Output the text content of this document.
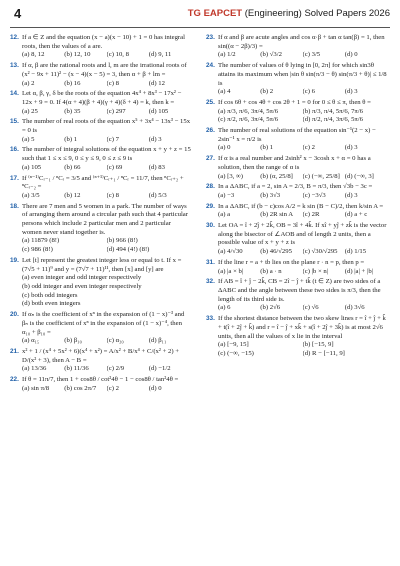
4	TG EAPCET (Engineering) Solved Papers 2026
12. If a ∈ Z and the equation (x − a)(x − 10) + 1 = 0 has integral roots, then the values of a are.
(a) 8, 12	(b) 12, 10	(c) 10, 8	(d) 9, 11
13. If α, β are the rational roots and l, m are the irrational roots of (x² − 9x + 11)² − (x − 4)(x − 5) = 3, then α + β + lm =
(a) 2	(b) 16	(c) 8	(d) 12
14. Let α, β, γ, δ be the roots of the equation 4x⁴ + 8x³ − 17x² − 12x + 9 = 0. If 4(α + 4)(β + 4)(γ + 4)(δ + 4) = k, then k =
(a) 25	(b) 35	(c) 297	(d) 105
15. The number of real roots of the equation x⁵ + 3x⁴ − 13x³ − 15x = 0 is
(a) 5	(b) 1	(c) 7	(d) 3
16. The number of integral solutions of the equation x + y + z = 15 such that 1 ≤ x ≤ 9, 0 ≤ y ≤ 9, 0 ≤ z ≤ 9 is
(a) 105	(b) 66	(c) 69	(d) 83
17. If ⁽ⁿ⁻¹⁾Cᵣ₋₁ / ⁿCᵣ = 3/5 and ⁽ⁿ⁺¹⁾Cᵣ₊₁ / ⁿCᵣ = 11/7, then ⁿCᵣ₊₂ + ⁿCᵣ₋₂ =
(a) 3/5	(b) 12	(c) 8	(d) 5/3
18. There are 7 men and 5 women in a park. The number of ways of arranging them around a circular path such that 4 particular persons which include 2 particular men and 2 particular women never stand together is.
(a) 11879 (8!)	(b) 966 (8!)
(c) 986 (8!)	(d) 494 (4!) (8!)
19. Let [t] represent the greatest integer less or equal to t. If x = (7√5 + 11)⁹ and y = (7√7 + 11)¹¹, then [x] and [y] are
(a) even integer and odd integer respectively
(b) odd integer and even integer respectively
(c) both odd integers
(d) both even integers
20. If αₙ is the coefficient of xⁿ in the expansion of (1 − x)⁻³ and βₙ is the coefficient of xⁿ in the expansion of (1 − x)⁻⁴, then α₁₀ + β₁₀ =
(a) α₁₅	(b) β₁₀	(c) α₂₀	(d) β₁₁
21. x² + 1 / (x⁴ + 5x² + 6)(x⁴ + x²) = A/x² + B/x⁴ + C/(x² + 2) + D/(x² + 3), then A − B =
(a) 13/36	(b) 11/36	(c) 2/9	(d) −1/2
22. If θ = 11π/7, then 1 + cos8θ / cot²4θ − 1 − cos8θ / tan²4θ =
(a) sin π/8	(b) cos 2π/7	(c) 2	(d) 0
23. If α and β are acute angles and cos α·β + tan α tan(β) = 1, then sin((α − 2β)/3) =
(a) 1/2	(b) √3/2	(c) 3/5	(d) 0
24. The number of values of θ lying in [0, 2π] for which sin3θ attains its maximum when |sin θ sin(π/3 − θ) sin(π/3 + θ)| ≤ 1/8 is
(a) 4	(b) 2	(c) 6	(d) 3
25. If cos 6θ + cos 4θ + cos 2θ + 1 = 0 for 0 ≤ θ ≤ π, then θ =
(a) π/3, π/6, 3π/4, 5π/6	(b) π/3, π/4, 5π/6, 7π/6
(c) π/2, π/6, 3π/4, 5π/6	(d) π/2, π/4, 3π/6, 5π/6
26. The number of real solutions of the equation sin⁻¹(2 − x) − 2sin⁻¹ x = π/2 is
(a) 0	(b) 1	(c) 2	(d) 3
27. If α is a real number and 2sinh² x − 3cosh x + α = 0 has a solution, then the range of α is
(a) [3, ∞)	(b) (α, 25/8]	(c) (−∞, 25/8] (d) (−∞, 3]
28. In a ΔABC, if a = 2, sin A = 2/3, B = π/3, then √3b − 3c =
(a) −3	(b) 3√3	(c) −3√3	(d) 3
29. In a ΔABC, if (b − c)cos A/2 = k sin (B − C)/2, then k/sin A =
(a) a	(b) 2R sin A	(c) 2R	(d) a + c
30. Let OA = î + 2ĵ + 2k̂, OB = 3î + 4k̂. If xî + yĵ + zk̂ is the vector along the bisector of ∠AOB and of length 2 units, then a possible value of x + y + z is
(a) 4/√30	(b) 46/√295	(c) √30/√295	(d) 1/15
31. If the line r = a + tb lies on the plane r · n = p, then p =
(a) |a × b|	(b) a · n	(c) |b × n|	(d) |a| + |b|
32. If AB = î + ĵ − 2k̂, CB = 2î − ĵ + tk̂ (t ∈ Z) are two sides of a ΔABC and the angle between these two sides is π/3, then the length of its third side is.
(a) 6	(b) 2√6	(c) √6	(d) 3√6
33. If the shortest distance between the two skew lines r = î + ĵ + k̂ + t(î + 2ĵ + k̂) and r = î − ĵ + xk̂ + s(î + 2ĵ + 3k̂) is at most 2√6 units, then all the values of x lie in the interval
(a) [−9, 15]	(b) [−15, 9]
(c) (−∞, −15)	(d) R − [−11, 9]
